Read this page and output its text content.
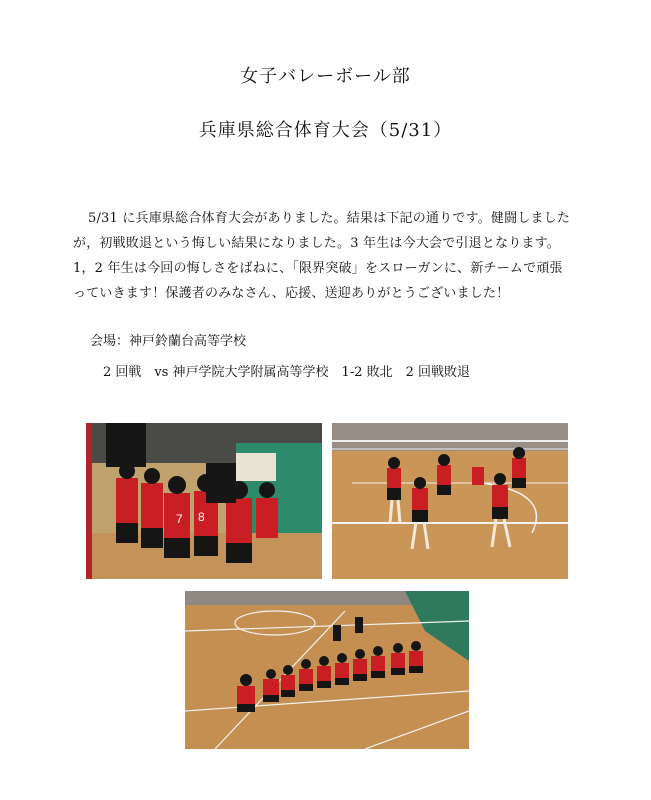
女子バレーボール部
兵庫県総合体育大会（5/31）

5/31 に兵庫県総合体育大会がありました。結果は下記の通りです。健闘しました

が，初戦敗退という悔しい結果になりました。3 年生は今大会で引退となります。

1，2 年生は今回の悔しさをばねに、「限界突破」をスローガンに、新チームで頑張

っていきます！保護者のみなさん、応援、送迎ありがとうございました！

会場：神戸鈴蘭台高等学校
2 回戦　vs 神戸学院大学附属高等学校　1-2 敗北　2 回戦敗退
7 8
